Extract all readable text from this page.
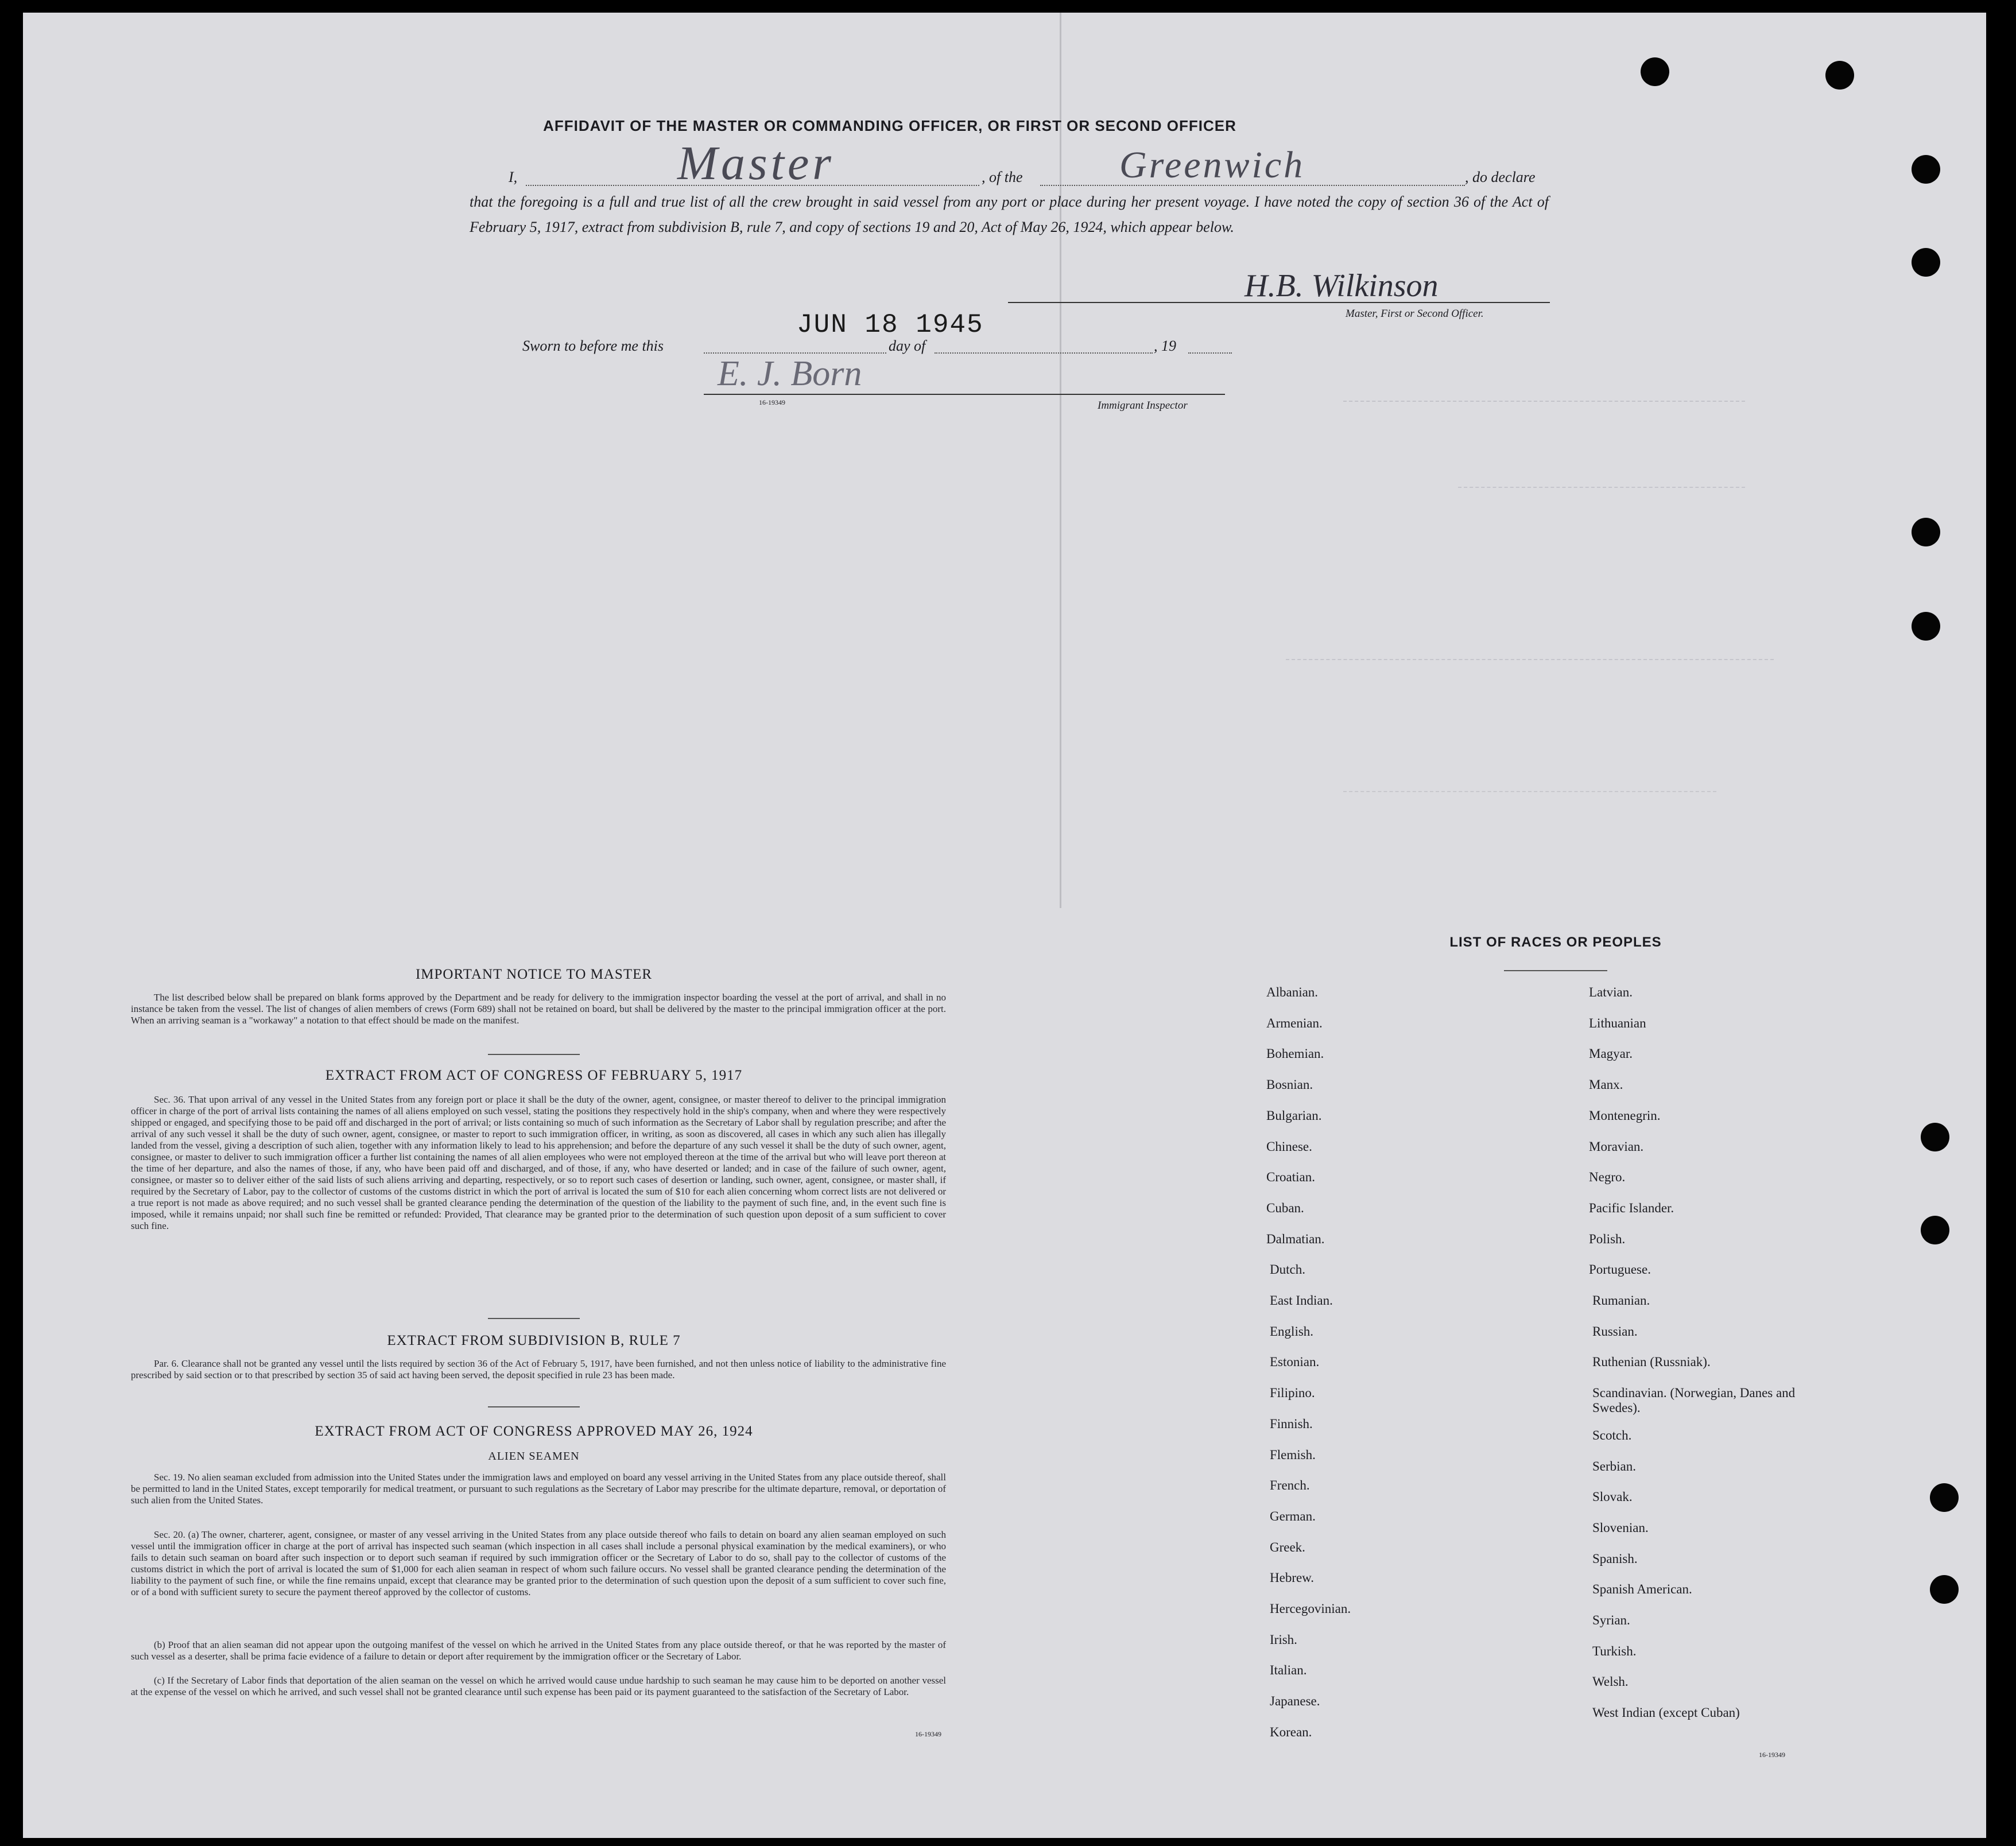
AFFIDAVIT OF THE MASTER OR COMMANDING OFFICER, OR FIRST OR SECOND OFFICER
I,	Master	, of the	Greenwich	, do declare
that the foregoing is a full and true list of all the crew brought in said vessel from any port or place during her present voyage. I have noted the copy of section 36 of the Act of February 5, 1917, extract from subdivision B, rule 7, and copy of sections 19 and 20, Act of May 26, 1924, which appear below.
H.B. Wilkinson
Master, First or Second Officer.
Sworn to before me this
JUN 18 1945
day of	, 19
E. J. Born
16-19349	Immigrant Inspector
IMPORTANT NOTICE TO MASTER
The list described below shall be prepared on blank forms approved by the Department and be ready for delivery to the immigration inspector boarding the vessel at the port of arrival, and shall in no instance be taken from the vessel. The list of changes of alien members of crews (Form 689) shall not be retained on board, but shall be delivered by the master to the principal immigration officer at the port. When an arriving seaman is a "workaway" a notation to that effect should be made on the manifest.
EXTRACT FROM ACT OF CONGRESS OF FEBRUARY 5, 1917
Sec. 36. That upon arrival of any vessel in the United States from any foreign port or place it shall be the duty of the owner, agent, consignee, or master thereof to deliver to the principal immigration officer in charge of the port of arrival lists containing the names of all aliens employed on such vessel, stating the positions they respectively hold in the ship's company, when and where they were respectively shipped or engaged, and specifying those to be paid off and discharged in the port of arrival; or lists containing so much of such information as the Secretary of Labor shall by regulation prescribe; and after the arrival of any such vessel it shall be the duty of such owner, agent, consignee, or master to report to such immigration officer, in writing, as soon as discovered, all cases in which any such alien has illegally landed from the vessel, giving a description of such alien, together with any information likely to lead to his apprehension; and before the departure of any such vessel it shall be the duty of such owner, agent, consignee, or master to deliver to such immigration officer a further list containing the names of all alien employees who were not employed thereon at the time of the arrival but who will leave port thereon at the time of her departure, and also the names of those, if any, who have been paid off and discharged, and of those, if any, who have deserted or landed; and in case of the failure of such owner, agent, consignee, or master so to deliver either of the said lists of such aliens arriving and departing, respectively, or so to report such cases of desertion or landing, such owner, agent, consignee, or master shall, if required by the Secretary of Labor, pay to the collector of customs of the customs district in which the port of arrival is located the sum of $10 for each alien concerning whom correct lists are not delivered or a true report is not made as above required; and no such vessel shall be granted clearance pending the determination of the question of the liability to the payment of such fine, and, in the event such fine is imposed, while it remains unpaid; nor shall such fine be remitted or refunded: Provided, That clearance may be granted prior to the determination of such question upon deposit of a sum sufficient to cover such fine.
EXTRACT FROM SUBDIVISION B, RULE 7
Par. 6. Clearance shall not be granted any vessel until the lists required by section 36 of the Act of February 5, 1917, have been furnished, and not then unless notice of liability to the administrative fine prescribed by said section or to that prescribed by section 35 of said act having been served, the deposit specified in rule 23 has been made.
EXTRACT FROM ACT OF CONGRESS APPROVED MAY 26, 1924
ALIEN SEAMEN
Sec. 19. No alien seaman excluded from admission into the United States under the immigration laws and employed on board any vessel arriving in the United States from any place outside thereof, shall be permitted to land in the United States, except temporarily for medical treatment, or pursuant to such regulations as the Secretary of Labor may prescribe for the ultimate departure, removal, or deportation of such alien from the United States.
Sec. 20. (a) The owner, charterer, agent, consignee, or master of any vessel arriving in the United States from any place outside thereof who fails to detain on board any alien seaman employed on such vessel until the immigration officer in charge at the port of arrival has inspected such seaman (which inspection in all cases shall include a personal physical examination by the medical examiners), or who fails to detain such seaman on board after such inspection or to deport such seaman if required by such immigration officer or the Secretary of Labor to do so, shall pay to the collector of customs of the customs district in which the port of arrival is located the sum of $1,000 for each alien seaman in respect of whom such failure occurs. No vessel shall be granted clearance pending the determination of the liability to the payment of such fine, or while the fine remains unpaid, except that clearance may be granted prior to the determination of such question upon the deposit of a sum sufficient to cover such fine, or of a bond with sufficient surety to secure the payment thereof approved by the collector of customs.
(b) Proof that an alien seaman did not appear upon the outgoing manifest of the vessel on which he arrived in the United States from any place outside thereof, or that he was reported by the master of such vessel as a deserter, shall be prima facie evidence of a failure to detain or deport after requirement by the immigration officer or the Secretary of Labor.
(c) If the Secretary of Labor finds that deportation of the alien seaman on the vessel on which he arrived would cause undue hardship to such seaman he may cause him to be deported on another vessel at the expense of the vessel on which he arrived, and such vessel shall not be granted clearance until such expense has been paid or its payment guaranteed to the satisfaction of the Secretary of Labor.
16-19349
LIST OF RACES OR PEOPLES
16-19349
Albanian.
Armenian.
Bohemian.
Bosnian.
Bulgarian.
Chinese.
Croatian.
Cuban.
Dalmatian.
Dutch.
East Indian.
English.
Estonian.
Filipino.
Finnish.
Flemish.
French.
German.
Greek.
Hebrew.
Hercegovinian.
Irish.
Italian.
Japanese.
Korean.
Latvian.
Lithuanian
Magyar.
Manx.
Montenegrin.
Moravian.
Negro.
Pacific Islander.
Polish.
Portuguese.
Rumanian.
Russian.
Ruthenian (Russniak).
Scandinavian. (Norwegian, Danes and Swedes).
Scotch.
Serbian.
Slovak.
Slovenian.
Spanish.
Spanish American.
Syrian.
Turkish.
Welsh.
West Indian (except Cuban)
